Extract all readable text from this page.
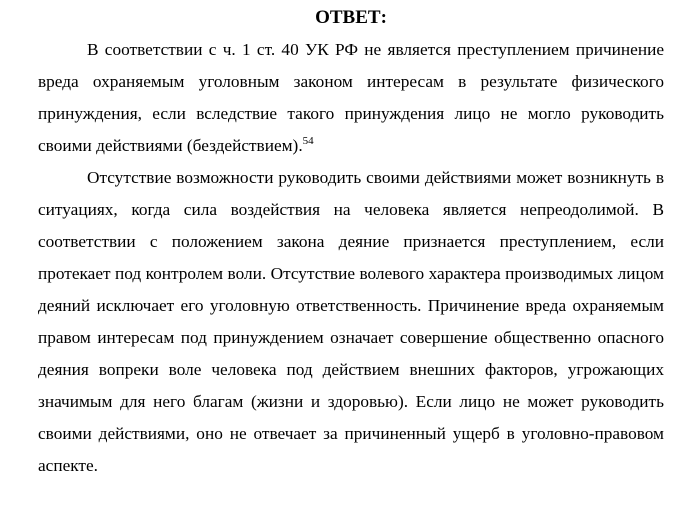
ОТВЕТ:

В соответствии с ч. 1 ст. 40 УК РФ не является преступлением причинение вреда охраняемым уголовным законом интересам в результате физического принуждения, если вследствие такого принуждения лицо не могло руководить своими действиями (бездействием).$^{54}$

Отсутствие возможности руководить своими действиями может возникнуть в ситуациях, когда сила воздействия на человека является непреодолимой. В соответствии с положением закона деяние признается преступлением, если протекает под контролем воли. Отсутствие волевого характера производимых лицом деяний исключает его уголовную ответственность. Причинение вреда охраняемым правом интересам под принуждением означает совершение общественно опасного деяния вопреки воле человека под действием внешних факторов, угрожающих значимым для него благам (жизни и здоровью). Если лицо не может руководить своими действиями, оно не отвечает за причиненный ущерб в уголовно-правовом аспекте.
